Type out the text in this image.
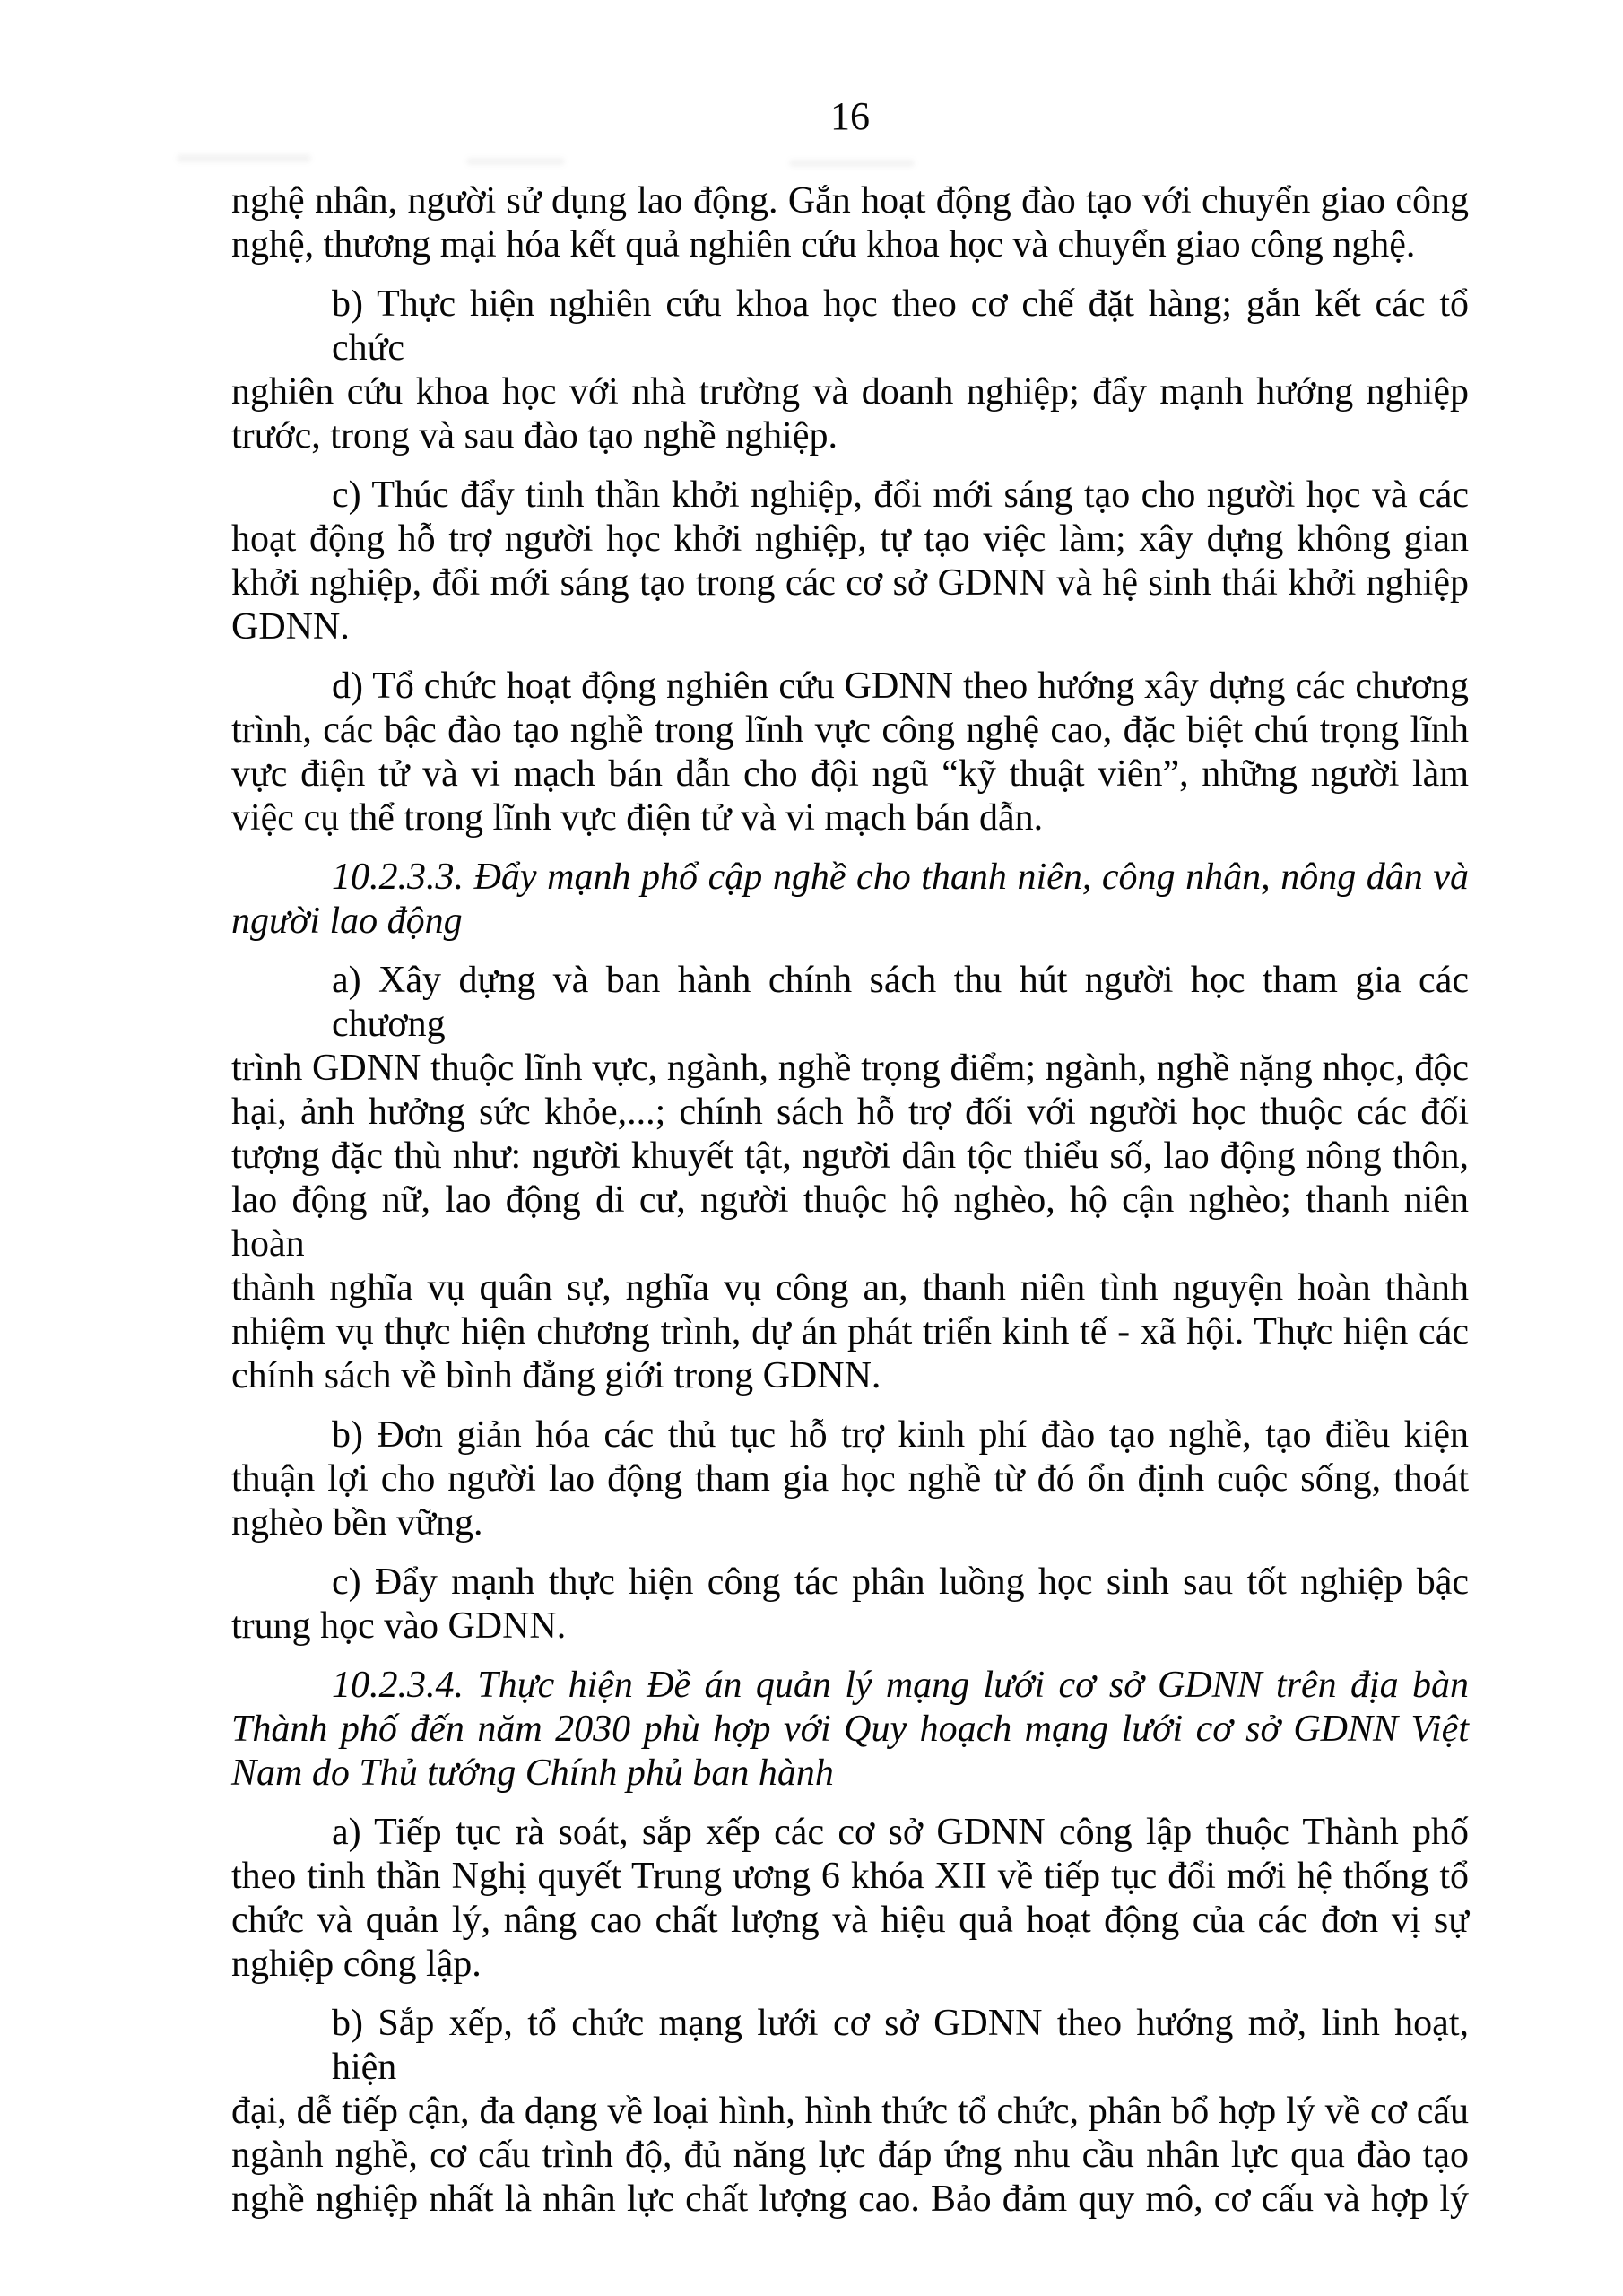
16

nghệ nhân, người sử dụng lao động. Gắn hoạt động đào tạo với chuyển giao công
nghệ, thương mại hóa kết quả nghiên cứu khoa học và chuyển giao công nghệ.

b) Thực hiện nghiên cứu khoa học theo cơ chế đặt hàng; gắn kết các tổ chức
nghiên cứu khoa học với nhà trường và doanh nghiệp; đẩy mạnh hướng nghiệp
trước, trong và sau đào tạo nghề nghiệp.

c) Thúc đẩy tinh thần khởi nghiệp, đổi mới sáng tạo cho người học và các
hoạt động hỗ trợ người học khởi nghiệp, tự tạo việc làm; xây dựng không gian
khởi nghiệp, đổi mới sáng tạo trong các cơ sở GDNN và hệ sinh thái khởi nghiệp
GDNN.

d) Tổ chức hoạt động nghiên cứu GDNN theo hướng xây dựng các chương
trình, các bậc đào tạo nghề trong lĩnh vực công nghệ cao, đặc biệt chú trọng lĩnh
vực điện tử và vi mạch bán dẫn cho đội ngũ “kỹ thuật viên”, những người làm
việc cụ thể trong lĩnh vực điện tử và vi mạch bán dẫn.

10.2.3.3. Đẩy mạnh phổ cập nghề cho thanh niên, công nhân, nông dân và
người lao động

a) Xây dựng và ban hành chính sách thu hút người học tham gia các chương
trình GDNN thuộc lĩnh vực, ngành, nghề trọng điểm; ngành, nghề nặng nhọc, độc
hại, ảnh hưởng sức khỏe,...; chính sách hỗ trợ đối với người học thuộc các đối
tượng đặc thù như: người khuyết tật, người dân tộc thiểu số, lao động nông thôn,
lao động nữ, lao động di cư, người thuộc hộ nghèo, hộ cận nghèo; thanh niên hoàn
thành nghĩa vụ quân sự, nghĩa vụ công an, thanh niên tình nguyện hoàn thành
nhiệm vụ thực hiện chương trình, dự án phát triển kinh tế - xã hội. Thực hiện các
chính sách về bình đẳng giới trong GDNN.

b) Đơn giản hóa các thủ tục hỗ trợ kinh phí đào tạo nghề, tạo điều kiện
thuận lợi cho người lao động tham gia học nghề từ đó ổn định cuộc sống, thoát
nghèo bền vững.

c) Đẩy mạnh thực hiện công tác phân luồng học sinh sau tốt nghiệp bậc
trung học vào GDNN.

10.2.3.4. Thực hiện Đề án quản lý mạng lưới cơ sở GDNN trên địa bàn
Thành phố đến năm 2030 phù hợp với Quy hoạch mạng lưới cơ sở GDNN Việt
Nam do Thủ tướng Chính phủ ban hành

a) Tiếp tục rà soát, sắp xếp các cơ sở GDNN công lập thuộc Thành phố
theo tinh thần Nghị quyết Trung ương 6 khóa XII về tiếp tục đổi mới hệ thống tổ
chức và quản lý, nâng cao chất lượng và hiệu quả hoạt động của các đơn vị sự
nghiệp công lập.

b) Sắp xếp, tổ chức mạng lưới cơ sở GDNN theo hướng mở, linh hoạt, hiện
đại, dễ tiếp cận, đa dạng về loại hình, hình thức tổ chức, phân bổ hợp lý về cơ cấu
ngành nghề, cơ cấu trình độ, đủ năng lực đáp ứng nhu cầu nhân lực qua đào tạo
nghề nghiệp nhất là nhân lực chất lượng cao. Bảo đảm quy mô, cơ cấu và hợp lý
